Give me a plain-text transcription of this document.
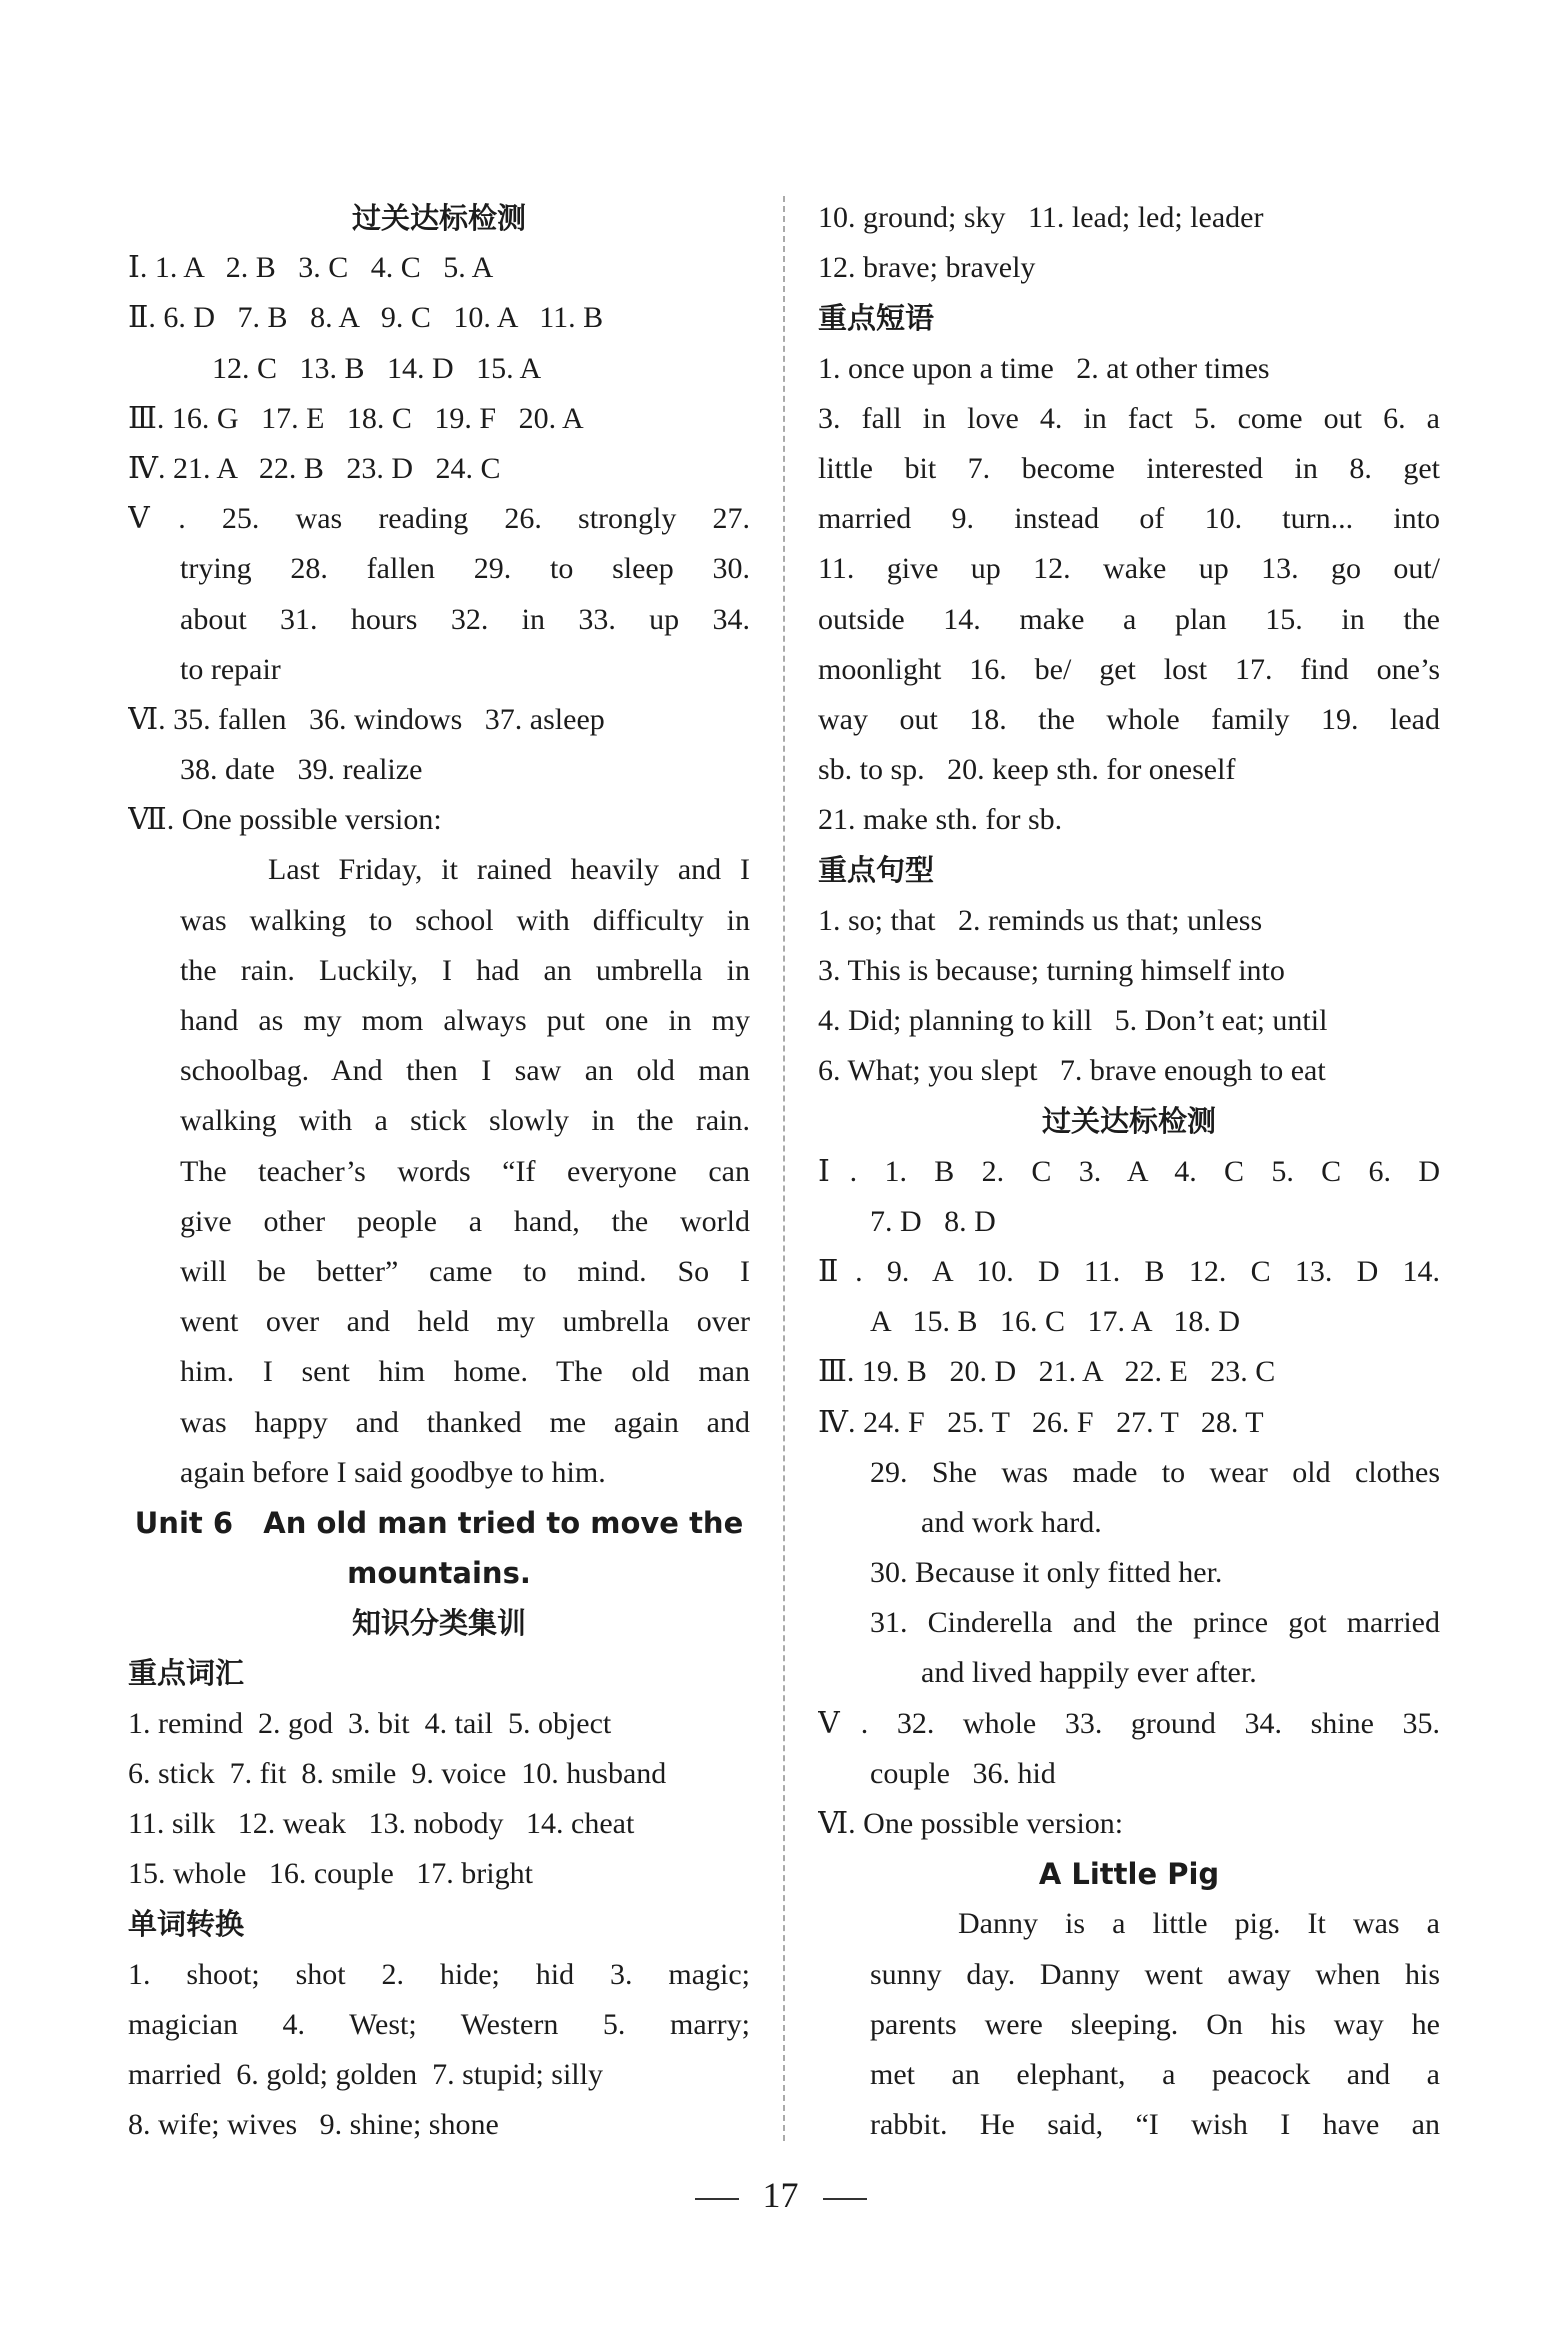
过关达标检测
Ⅰ. 1. A   2. B   3. C   4. C   5. A
Ⅱ. 6. D   7. B   8. A   9. C   10. A   11. B
12. C   13. B   14. D   15. A
Ⅲ. 16. G   17. E   18. C   19. F   20. A
Ⅳ. 21. A   22. B   23. D   24. C
Ⅴ. 25. was reading 26. strongly 27.
trying 28. fallen 29. to sleep 30.
about 31. hours 32. in 33. up 34.
to repair
Ⅵ. 35. fallen   36. windows   37. asleep
38. date   39. realize
Ⅶ. One possible version:
Last Friday, it rained heavily and I
was walking to school with difficulty in
the rain. Luckily, I had an umbrella in
hand as my mom always put one in my
schoolbag. And then I saw an old man
walking with a stick slowly in the rain.
The teacher’s words “If everyone can
give other people a hand, the world
will be better” came to mind. So I
went over and held my umbrella over
him. I sent him home. The old man
was happy and thanked me again and
again before I said goodbye to him.
Unit 6   An old man tried to move the
mountains.
知识分类集训
重点词汇
1. remind  2. god  3. bit  4. tail  5. object
6. stick  7. fit  8. smile  9. voice  10. husband
11. silk   12. weak   13. nobody   14. cheat
15. whole   16. couple   17. bright
单词转换
1. shoot; shot 2. hide; hid 3. magic;
magician 4. West; Western 5. marry;
married  6. gold; golden  7. stupid; silly
8. wife; wives   9. shine; shone
10. ground; sky   11. lead; led; leader
12. brave; bravely
重点短语
1. once upon a time   2. at other times
3. fall in love 4. in fact 5. come out 6. a
little bit 7. become interested in 8. get
married 9. instead of 10. turn... into
11. give up 12. wake up 13. go out/
outside 14. make a plan 15. in the
moonlight 16. be/ get lost 17. find one’s
way out 18. the whole family 19. lead
sb. to sp.   20. keep sth. for oneself
21. make sth. for sb.
重点句型
1. so; that   2. reminds us that; unless
3. This is because; turning himself into
4. Did; planning to kill   5. Don’t eat; until
6. What; you slept   7. brave enough to eat
过关达标检测
Ⅰ. 1. B 2. C 3. A 4. C 5. C 6. D
7. D   8. D
Ⅱ. 9. A 10. D 11. B 12. C 13. D 14.
A   15. B   16. C   17. A   18. D
Ⅲ. 19. B   20. D   21. A   22. E   23. C
Ⅳ. 24. F   25. T   26. F   27. T   28. T
29. She was made to wear old clothes
and work hard.
30. Because it only fitted her.
31. Cinderella and the prince got married
and lived happily ever after.
Ⅴ. 32. whole 33. ground 34. shine 35.
couple   36. hid
Ⅵ. One possible version:
A Little Pig
Danny is a little pig. It was a
sunny day. Danny went away when his
parents were sleeping. On his way he
met an elephant, a peacock and a
rabbit. He said, “I wish I have an
17
